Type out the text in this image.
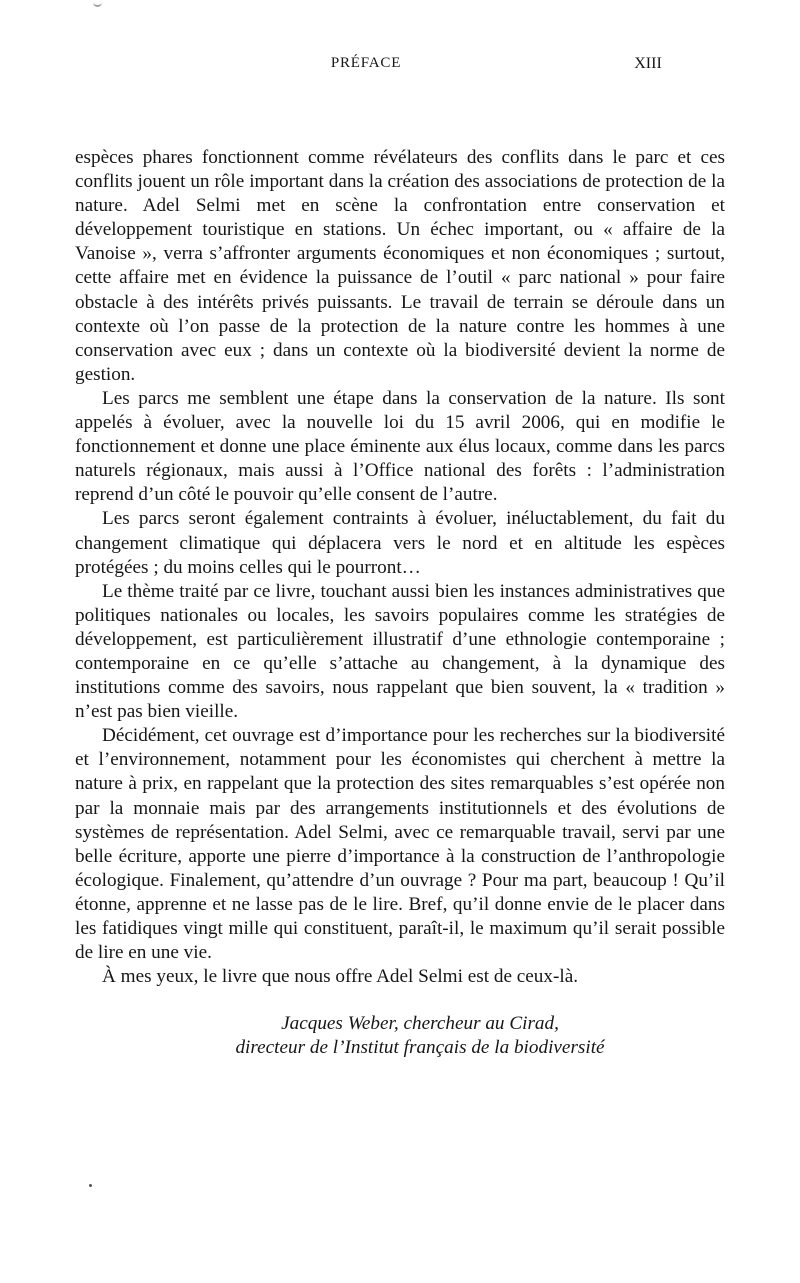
PRÉFACE	XIII

espèces phares fonctionnent comme révélateurs des conflits dans le parc et ces conflits jouent un rôle important dans la création des associations de protection de la nature. Adel Selmi met en scène la confrontation entre conservation et développement touristique en stations. Un échec important, ou « affaire de la Vanoise », verra s’affronter arguments économiques et non économiques ; surtout, cette affaire met en évidence la puissance de l’outil « parc national » pour faire obstacle à des intérêts privés puissants. Le travail de terrain se déroule dans un contexte où l’on passe de la protection de la nature contre les hommes à une conservation avec eux ; dans un contexte où la biodiversité devient la norme de gestion.

Les parcs me semblent une étape dans la conservation de la nature. Ils sont appelés à évoluer, avec la nouvelle loi du 15 avril 2006, qui en modifie le fonctionnement et donne une place éminente aux élus locaux, comme dans les parcs naturels régionaux, mais aussi à l’Office national des forêts : l’administration reprend d’un côté le pouvoir qu’elle consent de l’autre.

Les parcs seront également contraints à évoluer, inéluctablement, du fait du changement climatique qui déplacera vers le nord et en altitude les espèces protégées ; du moins celles qui le pourront…

Le thème traité par ce livre, touchant aussi bien les instances administratives que politiques nationales ou locales, les savoirs populaires comme les stratégies de développement, est particulièrement illustratif d’une ethnologie contemporaine ; contemporaine en ce qu’elle s’attache au changement, à la dynamique des institutions comme des savoirs, nous rappelant que bien souvent, la « tradition » n’est pas bien vieille.

Décidément, cet ouvrage est d’importance pour les recherches sur la biodiversité et l’environnement, notamment pour les économistes qui cherchent à mettre la nature à prix, en rappelant que la protection des sites remarquables s’est opérée non par la monnaie mais par des arrangements institutionnels et des évolutions de systèmes de représentation. Adel Selmi, avec ce remarquable travail, servi par une belle écriture, apporte une pierre d’importance à la construction de l’anthropologie écologique. Finalement, qu’attendre d’un ouvrage ? Pour ma part, beaucoup ! Qu’il étonne, apprenne et ne lasse pas de le lire. Bref, qu’il donne envie de le placer dans les fatidiques vingt mille qui constituent, paraît-il, le maximum qu’il serait possible de lire en une vie.

À mes yeux, le livre que nous offre Adel Selmi est de ceux-là.

Jacques Weber, chercheur au Cirad,
directeur de l’Institut français de la biodiversité
